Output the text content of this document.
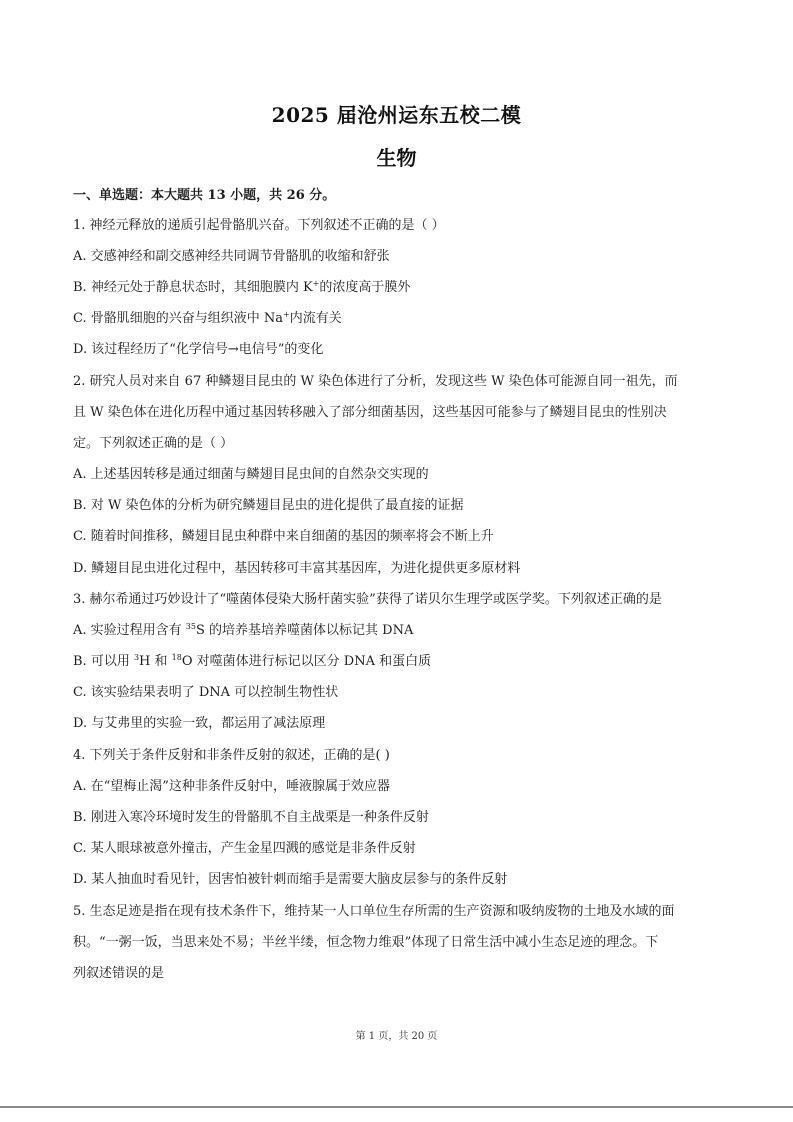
2025 届沧州运东五校二模
生物
一、单选题：本大题共 13 小题，共 26 分。
1. 神经元释放的递质引起骨骼肌兴奋。下列叙述不正确的是（ ）
A. 交感神经和副交感神经共同调节骨骼肌的收缩和舒张
B. 神经元处于静息状态时，其细胞膜内 K+的浓度高于膜外
C. 骨骼肌细胞的兴奋与组织液中 Na+内流有关
D. 该过程经历了“化学信号→电信号”的变化
2. 研究人员对来自 67 种鳞翅目昆虫的 W 染色体进行了分析，发现这些 W 染色体可能源自同一祖先，而
且 W 染色体在进化历程中通过基因转移融入了部分细菌基因，这些基因可能参与了鳞翅目昆虫的性别决
定。下列叙述正确的是（ ）
A. 上述基因转移是通过细菌与鳞翅目昆虫间的自然杂交实现的
B. 对 W 染色体的分析为研究鳞翅目昆虫的进化提供了最直接的证据
C. 随着时间推移，鳞翅目昆虫种群中来自细菌的基因的频率将会不断上升
D. 鳞翅目昆虫进化过程中，基因转移可丰富其基因库，为进化提供更多原材料
3. 赫尔希通过巧妙设计了“噬菌体侵染大肠杆菌实验”获得了诺贝尔生理学或医学奖。下列叙述正确的是
A. 实验过程用含有 $^{35}$S 的培养基培养噬菌体以标记其 DNA
B. 可以用 $^3$H 和 $^{18}$O 对噬菌体进行标记以区分 DNA 和蛋白质
C. 该实验结果表明了 DNA 可以控制生物性状
D. 与艾弗里的实验一致，都运用了减法原理
4. 下列关于条件反射和非条件反射的叙述，正确的是( )
A. 在“望梅止渴”这种非条件反射中，唾液腺属于效应器
B. 刚进入寒冷环境时发生的骨骼肌不自主战栗是一种条件反射
C. 某人眼球被意外撞击，产生金星四溅的感觉是非条件反射
D. 某人抽血时看见针，因害怕被针刺而缩手是需要大脑皮层参与的条件反射
5. 生态足迹是指在现有技术条件下，维持某一人口单位生存所需的生产资源和吸纳废物的土地及水域的面
积。“一粥一饭，当思来处不易；半丝半缕，恒念物力维艰”体现了日常生活中减小生态足迹的理念。下
列叙述错误的是
第 1 页，共 20 页
